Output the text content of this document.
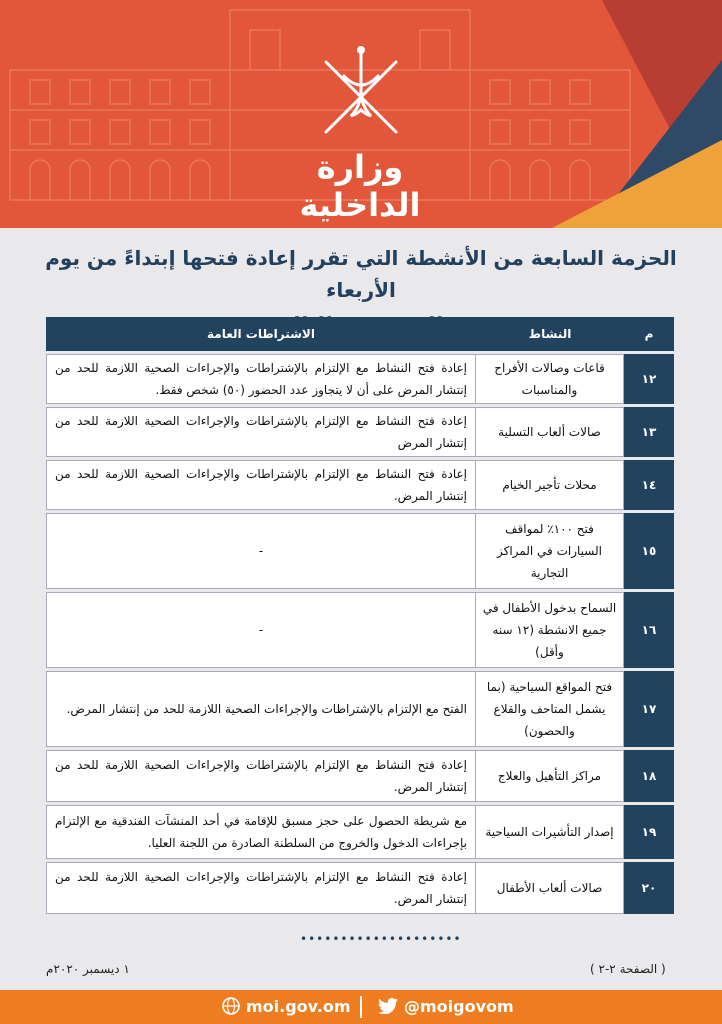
وزارة الداخلية
الحزمة السابعة من الأنشطة التي تقرر إعادة فتحها إبتداءً من يوم الأربعاء
م	النشاط	الاشتراطات العامة
١٢	قاعات وصالات الأفراح والمناسبات	إعادة فتح النشاط مع الإلتزام بالإشتراطات والإجراءات الصحية اللازمة للحد من إنتشار المرض على أن لا يتجاوز عدد الحضور (٥٠) شخص فقط.
١٣	صالات ألعاب التسلية	إعادة فتح النشاط مع الإلتزام بالإشتراطات والإجراءات الصحية اللازمة للحد من إنتشار المرض
١٤	محلات تأجير الخيام	إعادة فتح النشاط مع الإلتزام بالإشتراطات والإجراءات الصحية اللازمة للحد من إنتشار المرض.
١٥	فتح ١٠٠٪ لمواقف السيارات في المراكز التجارية	-
١٦	السماح بدخول الأطفال في جميع الانشطة (١٢ سنه وأقل)	-
١٧	فتح المواقع السياحية (بما يشمل المتاحف والقلاع والحصون)	الفتح مع الإلتزام بالإشتراطات والإجراءات الصحية اللازمة للحد من إنتشار المرض.
١٨	مراكز التأهيل والعلاج	إعادة فتح النشاط مع الإلتزام بالإشتراطات والإجراءات الصحية اللازمة للحد من إنتشار المرض.
١٩	إصدار التأشيرات السياحية	مع شريطة الحصول على حجز مسبق للإقامة في أحد المنشآت الفندقية مع الإلتزام بإجراءات الدخول والخروج من السلطنة الصادرة من اللجنة العليا.
٢٠	صالات ألعاب الأطفال	إعادة فتح النشاط مع الإلتزام بالإشتراطات والإجراءات الصحية اللازمة للحد من إنتشار المرض.
••••••••••••••••••••
١ ديسمبر ٢٠٢٠م	( الصفحة ٢-٢ )
moi.gov.om	@moigovom
